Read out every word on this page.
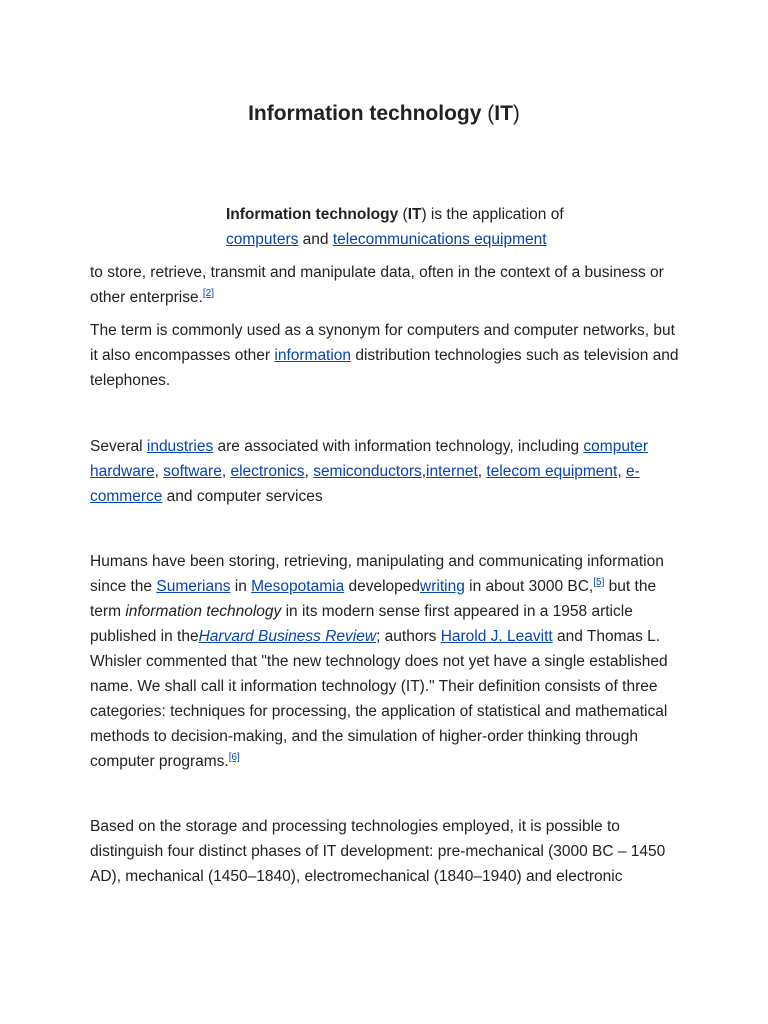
Information technology (IT)
Information technology (IT) is the application of
computers and telecommunications equipment
to store, retrieve, transmit and manipulate data, often in the context of a business or other enterprise.[2]
The term is commonly used as a synonym for computers and computer networks, but it also encompasses other information distribution technologies such as television and telephones.
Several industries are associated with information technology, including computer hardware, software, electronics, semiconductors,internet, telecom equipment, e-commerce and computer services
Humans have been storing, retrieving, manipulating and communicating information since the Sumerians in Mesopotamia developedwriting in about 3000 BC,[5] but the term information technology in its modern sense first appeared in a 1958 article published in theHarvard Business Review; authors Harold J. Leavitt and Thomas L. Whisler commented that "the new technology does not yet have a single established name. We shall call it information technology (IT)." Their definition consists of three categories: techniques for processing, the application of statistical and mathematical methods to decision-making, and the simulation of higher-order thinking through computer programs.[6]
Based on the storage and processing technologies employed, it is possible to distinguish four distinct phases of IT development: pre-mechanical (3000 BC – 1450 AD), mechanical (1450–1840), electromechanical (1840–1940) and electronic
